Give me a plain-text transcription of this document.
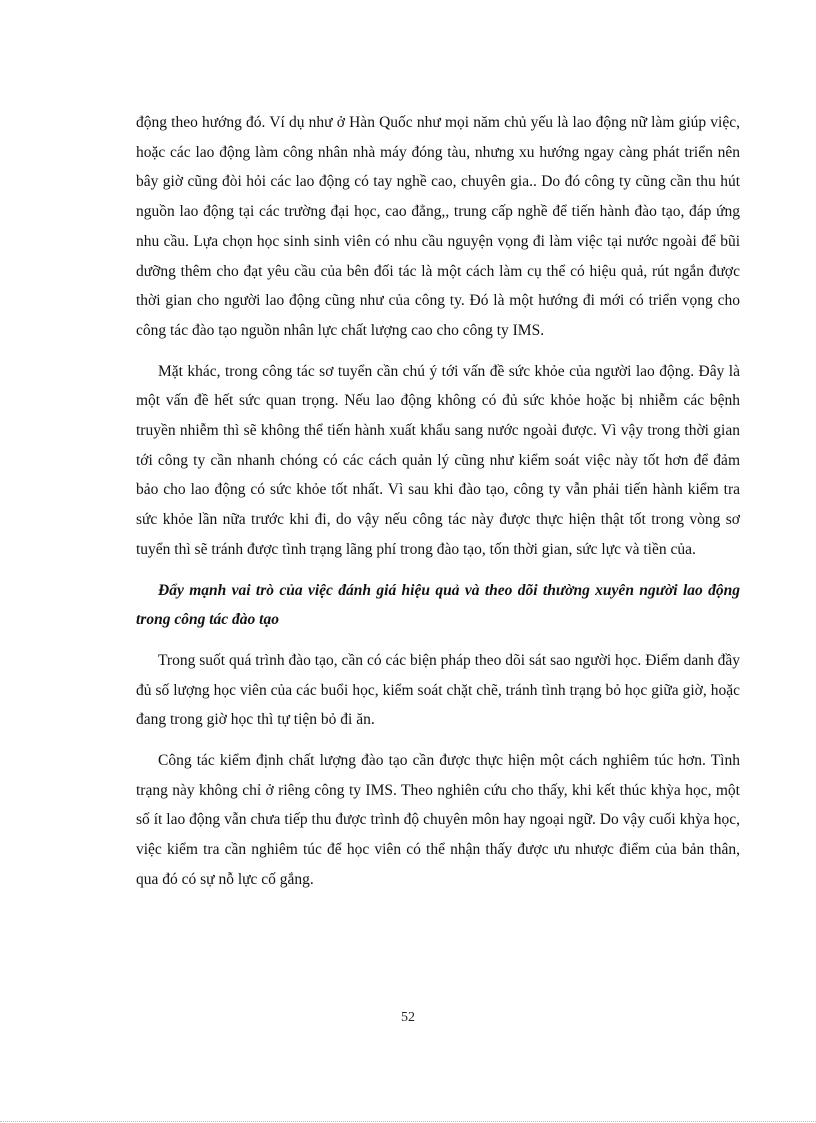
động theo hướng đó. Ví dụ như ở Hàn Quốc như mọi năm chủ yếu là lao động nữ làm giúp việc, hoặc các lao động làm công nhân nhà máy đóng tàu, nhưng xu hướng ngay càng phát triển nên bây giờ cũng đòi hỏi các lao động có tay nghề cao, chuyên gia.. Do đó công ty cũng cần thu hút nguồn lao động tại các trường đại học, cao đẳng,, trung cấp nghề để tiến hành đào tạo, đáp ứng nhu cầu. Lựa chọn học sinh sinh viên có nhu cầu nguyện vọng đi làm việc tại nước ngoài để bũi dưỡng thêm cho đạt yêu cầu của bên đối tác là một cách làm cụ thể có hiệu quả, rút ngắn được thời gian cho người lao động cũng như của công ty. Đó là một hướng đi mới có triển vọng cho công tác đào tạo nguồn nhân lực chất lượng cao cho công ty IMS.

Mặt khác, trong công tác sơ tuyển cần chú ý tới vấn đề sức khỏe của người lao động. Đây là một vấn đề hết sức quan trọng. Nếu lao động không có đủ sức khỏe hoặc bị nhiễm các bệnh truyền nhiễm thì sẽ không thể tiến hành xuất khẩu sang nước ngoài được. Vì vậy trong thời gian tới công ty cần nhanh chóng có các cách quản lý cũng như kiểm soát việc này tốt hơn để đảm bảo cho lao động có sức khỏe tốt nhất. Vì sau khi đào tạo, công ty vẫn phải tiến hành kiểm tra sức khỏe lần nữa trước khi đi, do vậy nếu công tác này được thực hiện thật tốt trong vòng sơ tuyển thì sẽ tránh được tình trạng lãng phí trong đào tạo, tốn thời gian, sức lực và tiền của.

Đẩy mạnh vai trò của việc đánh giá hiệu quả và theo dõi thường xuyên người lao động trong công tác đào tạo

Trong suốt quá trình đào tạo, cần có các biện pháp theo dõi sát sao người học. Điểm danh đầy đủ số lượng học viên của các buổi học, kiểm soát chặt chẽ, tránh tình trạng bỏ học giữa giờ, hoặc đang trong giờ học thì tự tiện bỏ đi ăn.

Công tác kiểm định chất lượng đào tạo cần được thực hiện một cách nghiêm túc hơn. Tình trạng này không chỉ ở riêng công ty IMS. Theo nghiên cứu cho thấy, khi kết thúc khỳa học, một số ít lao động vẫn chưa tiếp thu được trình độ chuyên môn hay ngoại ngữ. Do vậy cuối khỳa học, việc kiểm tra cần nghiêm túc để học viên có thể nhận thấy được ưu nhược điểm của bản thân, qua đó có sự nỗ lực cố gắng.

52
